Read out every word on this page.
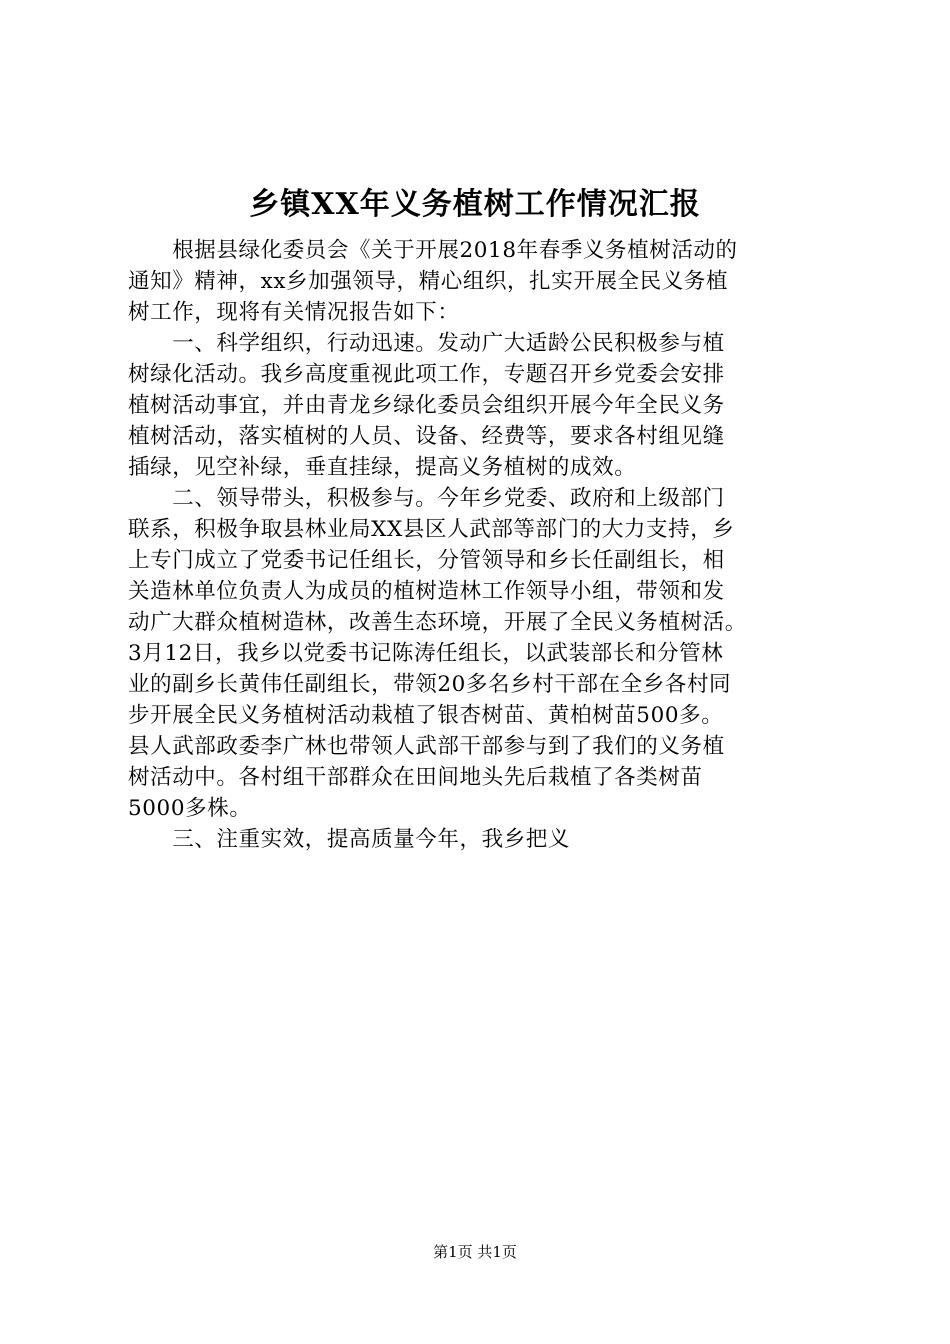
乡镇XX年义务植树工作情况汇报
　　根据县绿化委员会《关于开展2018年春季义务植树活动的
通知》精神，xx乡加强领导，精心组织，扎实开展全民义务植
树工作，现将有关情况报告如下：
　　一、科学组织，行动迅速。发动广大适龄公民积极参与植
树绿化活动。我乡高度重视此项工作，专题召开乡党委会安排
植树活动事宜，并由青龙乡绿化委员会组织开展今年全民义务
植树活动，落实植树的人员、设备、经费等，要求各村组见缝
插绿，见空补绿，垂直挂绿，提高义务植树的成效。
　　二、领导带头，积极参与。今年乡党委、政府和上级部门
联系，积极争取县林业局XX县区人武部等部门的大力支持，乡
上专门成立了党委书记任组长，分管领导和乡长任副组长，相
关造林单位负责人为成员的植树造林工作领导小组，带领和发
动广大群众植树造林，改善生态环境，开展了全民义务植树活。
3月12日，我乡以党委书记陈涛任组长，以武装部长和分管林
业的副乡长黄伟任副组长，带领20多名乡村干部在全乡各村同
步开展全民义务植树活动栽植了银杏树苗、黄柏树苗500多。
县人武部政委李广林也带领人武部干部参与到了我们的义务植
树活动中。各村组干部群众在田间地头先后栽植了各类树苗
5000多株。
　　三、注重实效，提高质量今年，我乡把义
第1页 共1页
